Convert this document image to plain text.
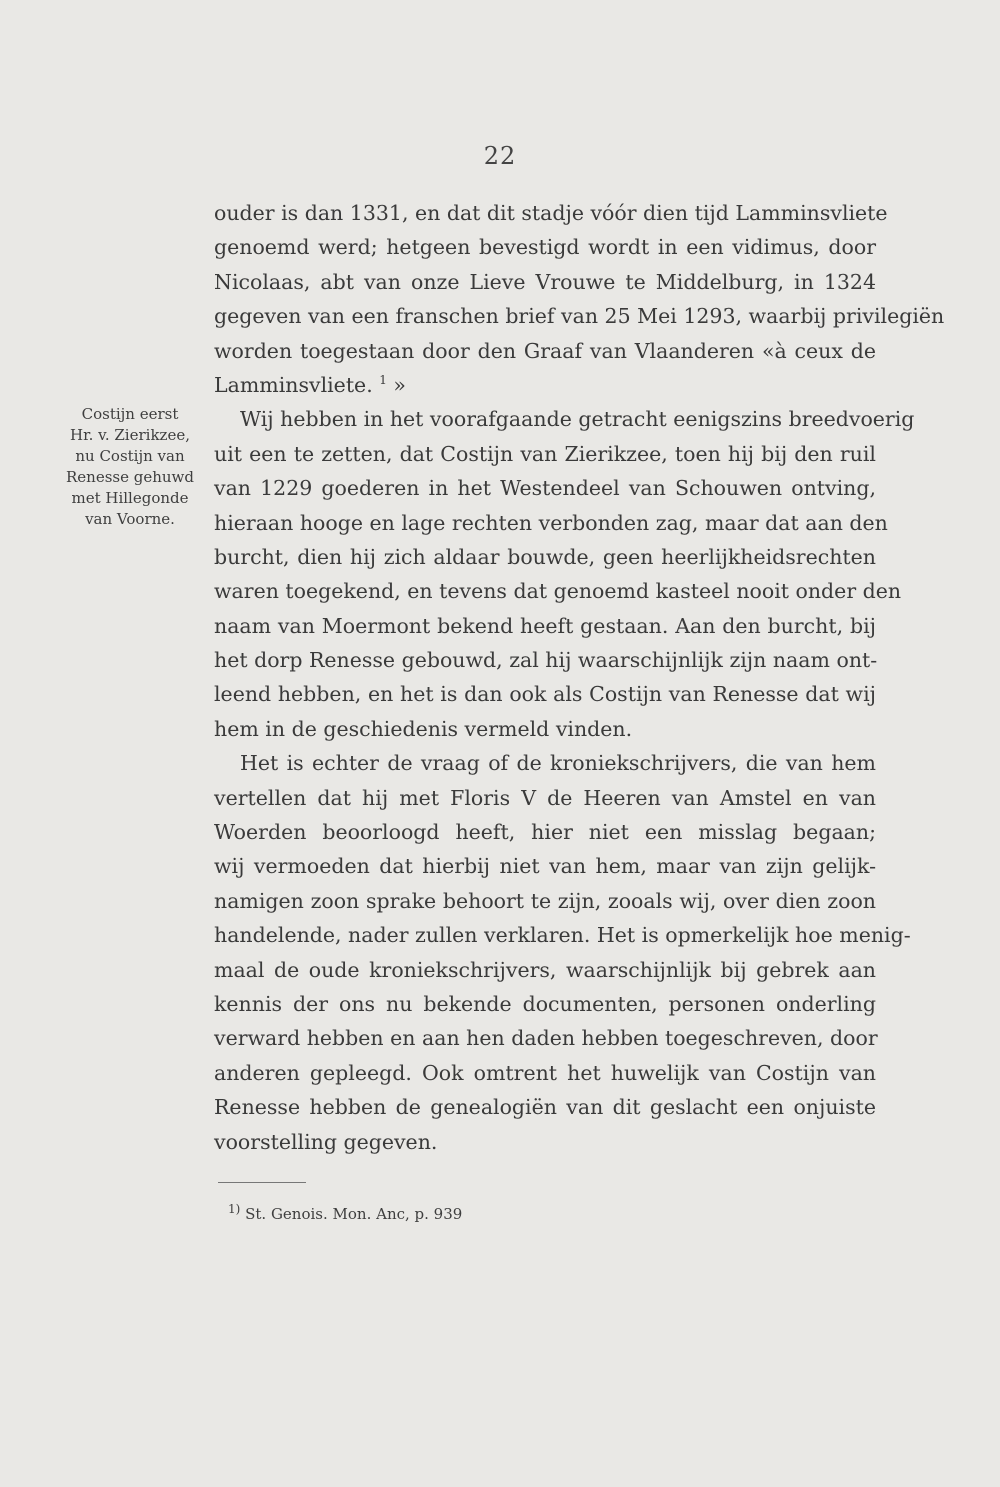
22
Costijn eerst
Hr. v. Zierikzee,
nu Costijn van
Renesse gehuwd
met Hillegonde
van Voorne.

ouder is dan 1331, en dat dit stadje vóór dien tijd Lamminsvliete
genoemd werd; hetgeen bevestigd wordt in een vidimus, door
Nicolaas, abt van onze Lieve Vrouwe te Middelburg, in 1324
gegeven van een franschen brief van 25 Mei 1293, waarbij privilegiën
worden toegestaan door den Graaf van Vlaanderen «à ceux de
Lamminsvliete. $^1$ »

Wij hebben in het voorafgaande getracht eenigszins breedvoerig
uit een te zetten, dat Costijn van Zierikzee, toen hij bij den ruil
van 1229 goederen in het Westendeel van Schouwen ontving,
hieraan hooge en lage rechten verbonden zag, maar dat aan den
burcht, dien hij zich aldaar bouwde, geen heerlijkheidsrechten
waren toegekend, en tevens dat genoemd kasteel nooit onder den
naam van Moermont bekend heeft gestaan. Aan den burcht, bij
het dorp Renesse gebouwd, zal hij waarschijnlijk zijn naam ont-
leend hebben, en het is dan ook als Costijn van Renesse dat wij
hem in de geschiedenis vermeld vinden.

Het is echter de vraag of de kroniekschrijvers, die van hem
vertellen dat hij met Floris V de Heeren van Amstel en van
Woerden beoorloogd heeft, hier niet een misslag begaan;
wij vermoeden dat hierbij niet van hem, maar van zijn gelijk-
namigen zoon sprake behoort te zijn, zooals wij, over dien zoon
handelende, nader zullen verklaren. Het is opmerkelijk hoe menig-
maal de oude kroniekschrijvers, waarschijnlijk bij gebrek aan
kennis der ons nu bekende documenten, personen onderling
verward hebben en aan hen daden hebben toegeschreven, door
anderen gepleegd. Ook omtrent het huwelijk van Costijn van
Renesse hebben de genealogiën van dit geslacht een onjuiste
voorstelling gegeven.

$^{1)}$ St. Genois. Mon. Anc, p. 939
